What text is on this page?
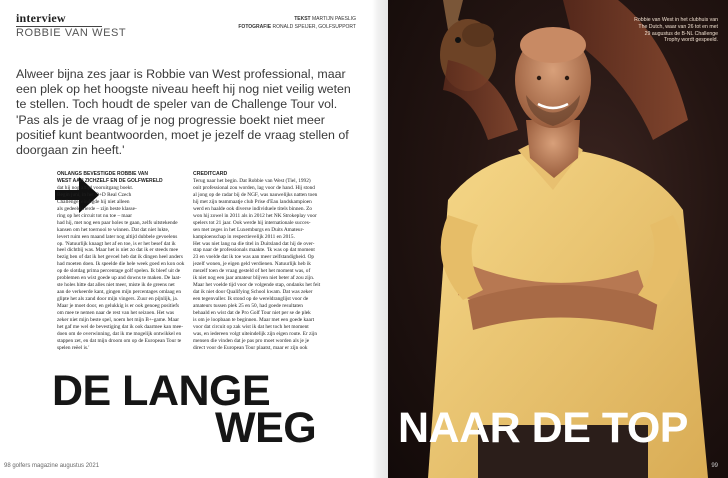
interview
ROBBIE VAN WEST
TEKST MARTIJN PAESLIG
FOTOGRAFIE RONALD SPEIJER, GOLFSUPPORT
Alweer bijna zes jaar is Robbie van West professional, maar een plek op het hoogste niveau heeft hij nog niet veilig weten te stellen. Toch houdt de speler van de Challenge Tour vol. 'Pas als je de vraag of je nog progressie boekt niet meer positief kunt beantwoorden, moet je jezelf de vraag stellen of doorgaan zin heeft.'
ONLANGS BEVESTIGDE ROBBIE VAN
WEST AAN ZICHZELF EN DE GOLFWERELD
dat hij nog altijd vooruitgang boekt.
Begin juni, in het D+D Real Czech
Challenge, eindigde hij niet alleen
als gedeeld vierde – zijn beste klasse-
ring op het circuit tot nu toe – maar
had hij, met nog een paar holes te gaan, zelfs uitstekende
kansen om het toernooi te winnen. Dat dat niet lukte,
levert ruim een maand later nog altijd dubbele gevoelens
op. 'Natuurlijk knaagt het af en toe, is er het besef dat ik
heel dichtbij was. Maar het is niet zo dat ik er steeds mee
bezig ben of dat ik het gevoel heb dat ik dingen heel anders
had moeten doen. Ik speelde die hele week goed en kon ook
op de slotdag prima percentage golf spelen. Ik bleef uit de
problemen en wist goede up and downs te maken. De laat-
ste holes hitte dat alles niet meer, miste ik de greens net
aan de verkeerde kant, gingen mijn percentages omlaag en
glipte het als zand door mijn vingers. Zuur en pijnlijk, ja.
Maar je moet door, en gelukkig is er ook genoeg positiefs
om mee te nemen naar de rest van het seizoen. Het was
zeker niet mijn beste spel, noem het mijn B+-game. Maar
het gaf me wel de bevestiging dat ik ook daarmee kan mee-
doen om de overwinning, dat ik me mogelijk ontwikkel en
stappen zet, en dat mijn droom om op de European Tour te
spelen reëel is.'
CREDITCARD
Terug naar het begin. Dat Robbie van West (Tiel, 1992)
ooit professional zou worden, lag voor de hand. Hij stond
al jong op de radar bij de NGF, was nauwelijks natten toen
hij met zijn teammaatje club Prise d'Eau landskampioen
werd en haalde ook diverse individuele titels binnen. Zo
won hij zowel in 2011 als in 2012 het NK Strokeplay voor
spelers tot 21 jaar. Ook werde hij internationale succes-
sen met zeges in het Luxemburgs en Duits Amateur-
kampioenschap in respectievelijk 2011 en 2015.
Het was niet lang na die titel in Duitsland dat hij de over-
stap naar de professionals maakte. 'Ik was op dat moment
23 en voelde dat ik toe was aan meer zelfstandigheid. Op
jezelf wonen, je eigen geld verdienen. Natuurlijk heb ik
mezelf toen de vraag gesteld of het het moment was, of
ik niet nog een jaar amateur blijven niet beter af zou zijn.
Maar het voelde tijd voor de volgende stap, ondanks het feit
dat ik niet door Qualifying School kwam. Dat was zeker
een tegenvaller. Ik stond op de wereldranglijst voor de
amateurs tussen plek 25 en 50, had goede resultaten
behaald en wist dat de Pro Golf Tour niet per se de plek
is om je loopbaan te beginnen. Maar met een goede kaart
voor dat circuit op zak wist ik dat het toch het moment
was, en iedereen volgt uiteindelijk zijn eigen route. Er zijn
mensen die vinden dat je pas pro moet worden als je je
direct voor de European Tour plaatst, maar er zijn ook
DE LANGE
WEG
98 golfers magazine augustus 2021
Robbie van West in het clubhuis van The Dutch, waar van 26 tot en met 29 augustus de B-NL Challenge Trophy wordt gespeeld.
NAAR DE TOP
99
